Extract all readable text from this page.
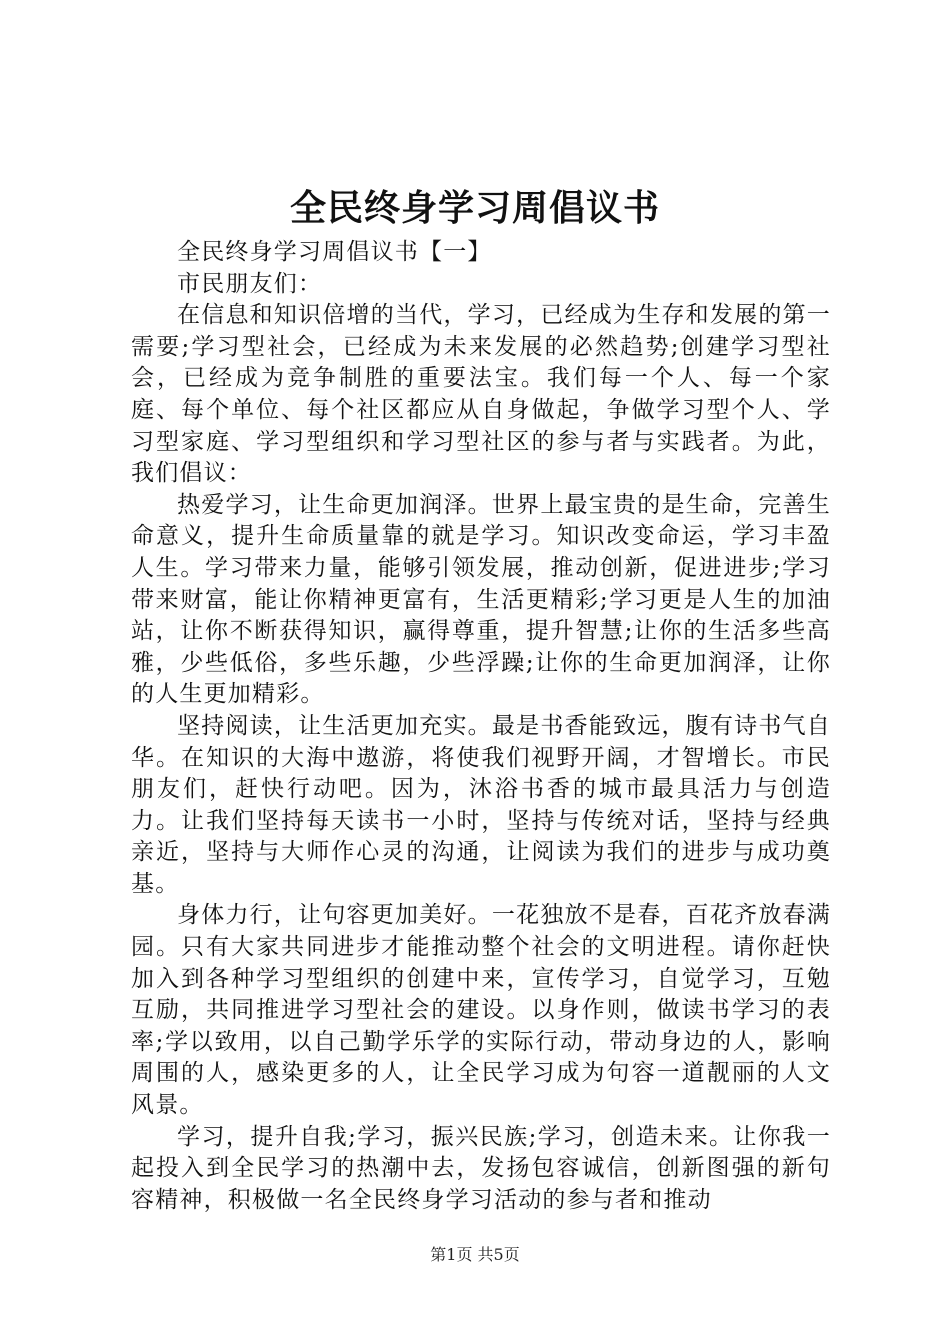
全民终身学习周倡议书

全民终身学习周倡议书【一】

市民朋友们：

在信息和知识倍增的当代，学习，已经成为生存和发展的第一需要;学习型社会，已经成为未来发展的必然趋势;创建学习型社会，已经成为竞争制胜的重要法宝。我们每一个人、每一个家庭、每个单位、每个社区都应从自身做起，争做学习型个人、学习型家庭、学习型组织和学习型社区的参与者与实践者。为此，我们倡议：

热爱学习，让生命更加润泽。世界上最宝贵的是生命，完善生命意义，提升生命质量靠的就是学习。知识改变命运，学习丰盈人生。学习带来力量，能够引领发展，推动创新，促进进步;学习带来财富，能让你精神更富有，生活更精彩;学习更是人生的加油站，让你不断获得知识，赢得尊重，提升智慧;让你的生活多些高雅，少些低俗，多些乐趣，少些浮躁;让你的生命更加润泽，让你的人生更加精彩。

坚持阅读，让生活更加充实。最是书香能致远，腹有诗书气自华。在知识的大海中遨游，将使我们视野开阔，才智增长。市民朋友们，赶快行动吧。因为，沐浴书香的城市最具活力与创造力。让我们坚持每天读书一小时，坚持与传统对话，坚持与经典亲近，坚持与大师作心灵的沟通，让阅读为我们的进步与成功奠基。

身体力行，让句容更加美好。一花独放不是春，百花齐放春满园。只有大家共同进步才能推动整个社会的文明进程。请你赶快加入到各种学习型组织的创建中来，宣传学习，自觉学习，互勉互励，共同推进学习型社会的建设。以身作则，做读书学习的表率;学以致用，以自己勤学乐学的实际行动，带动身边的人，影响周围的人，感染更多的人，让全民学习成为句容一道靓丽的人文风景。

学习，提升自我;学习，振兴民族;学习，创造未来。让你我一起投入到全民学习的热潮中去，发扬包容诚信，创新图强的新句容精神，积极做一名全民终身学习活动的参与者和推动

第1页 共5页
